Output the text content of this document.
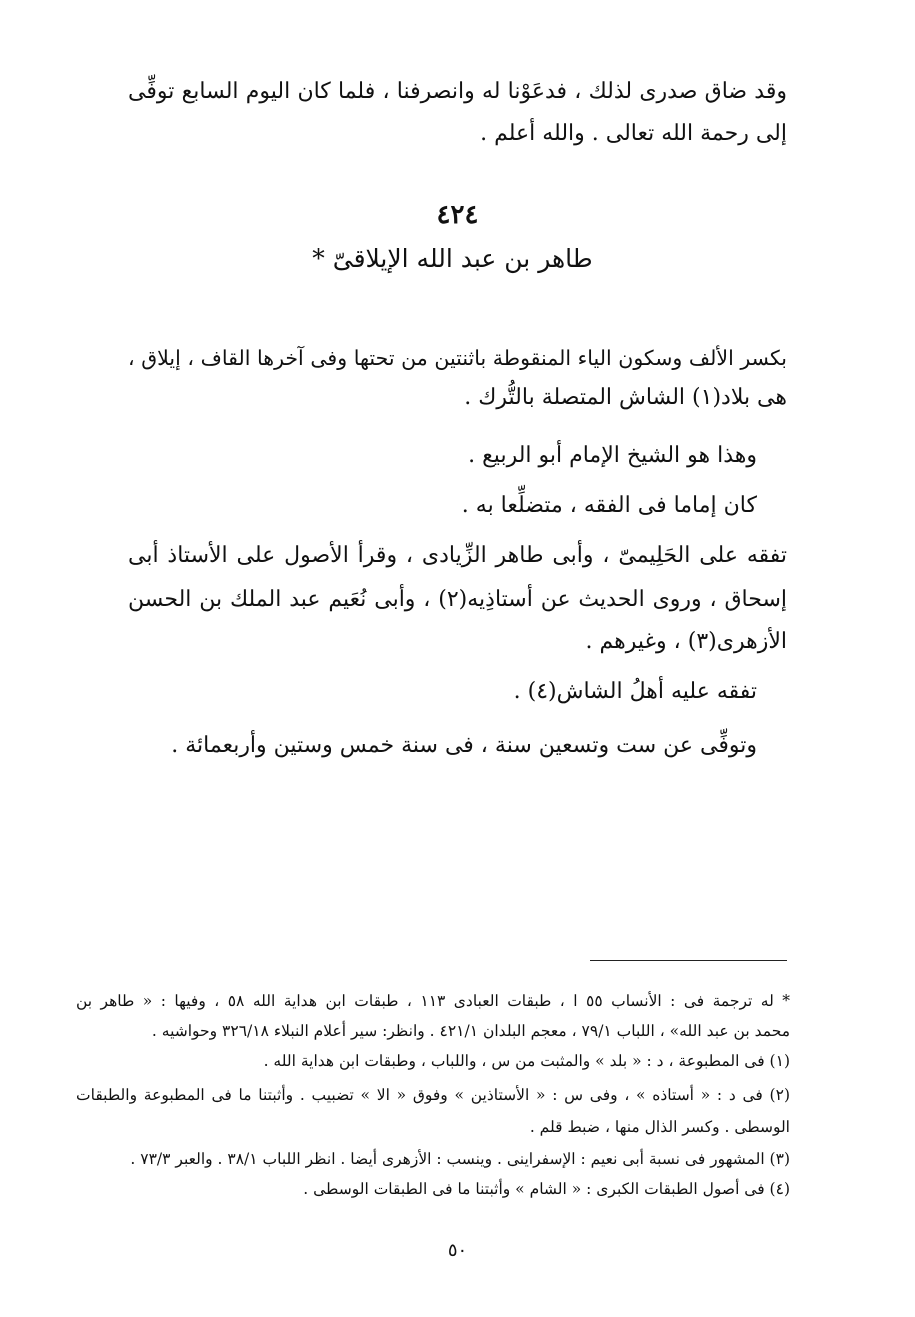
وقد ضاق صدرى لذلك ، فدعَوْنا له وانصرفنا ، فلما كان اليوم السابع توفِّى
إلى رحمة الله تعالى . والله أعلم .
٤٢٤
طاهر بن عبد الله الإيلاقىّ *
بكسر الألف وسكون الياء المنقوطة باثنتين من تحتها وفى آخرها القاف ، إيلاق ،
هى بلاد(١) الشاش المتصلة بالتُّرك .
وهذا هو الشيخ الإمام أبو الربيع .
كان إماما فى الفقه ، متضلِّعا به .
تفقه على الحَلِيمىّ ، وأبى طاهر الزِّيادى ، وقرأ الأصول على الأستاذ أبى
إسحاق ، وروى الحديث عن أستاذِيه(٢) ، وأبى نُعَيم عبد الملك بن الحسن
الأزهرى(٣) ، وغيرهم .
تفقه عليه أهلُ الشاش(٤) .
وتوفِّى عن ست وتسعين سنة ، فى سنة خمس وستين وأربعمائة .
* له ترجمة فى : الأنساب ٥٥ ا ، طبقات العبادى ١١٣ ، طبقات ابن هداية الله ٥٨ ، وفيها : « طاهر بن
محمد بن عبد الله» ، اللباب ٧٩/١ ، معجم البلدان ٤٢١/١ . وانظر: سير أعلام النبلاء ٣٢٦/١٨ وحواشيه .
(١) فى المطبوعة ، د : « بلد » والمثبت من س ، واللباب ، وطبقات ابن هداية الله .
(٢) فى د : « أستاذه » ، وفى س : « الأستاذين » وفوق « الا » تضبيب . وأثبتنا ما فى المطبوعة والطبقات
الوسطى . وكسر الذال منها ، ضبط قلم .
(٣) المشهور فى نسبة أبى نعيم : الإسفراينى . وينسب : الأزهرى أيضا . انظر اللباب ٣٨/١ . والعبر ٧٣/٣ .
(٤) فى أصول الطبقات الكبرى : « الشام » وأثبتنا ما فى الطبقات الوسطى .
٥٠
